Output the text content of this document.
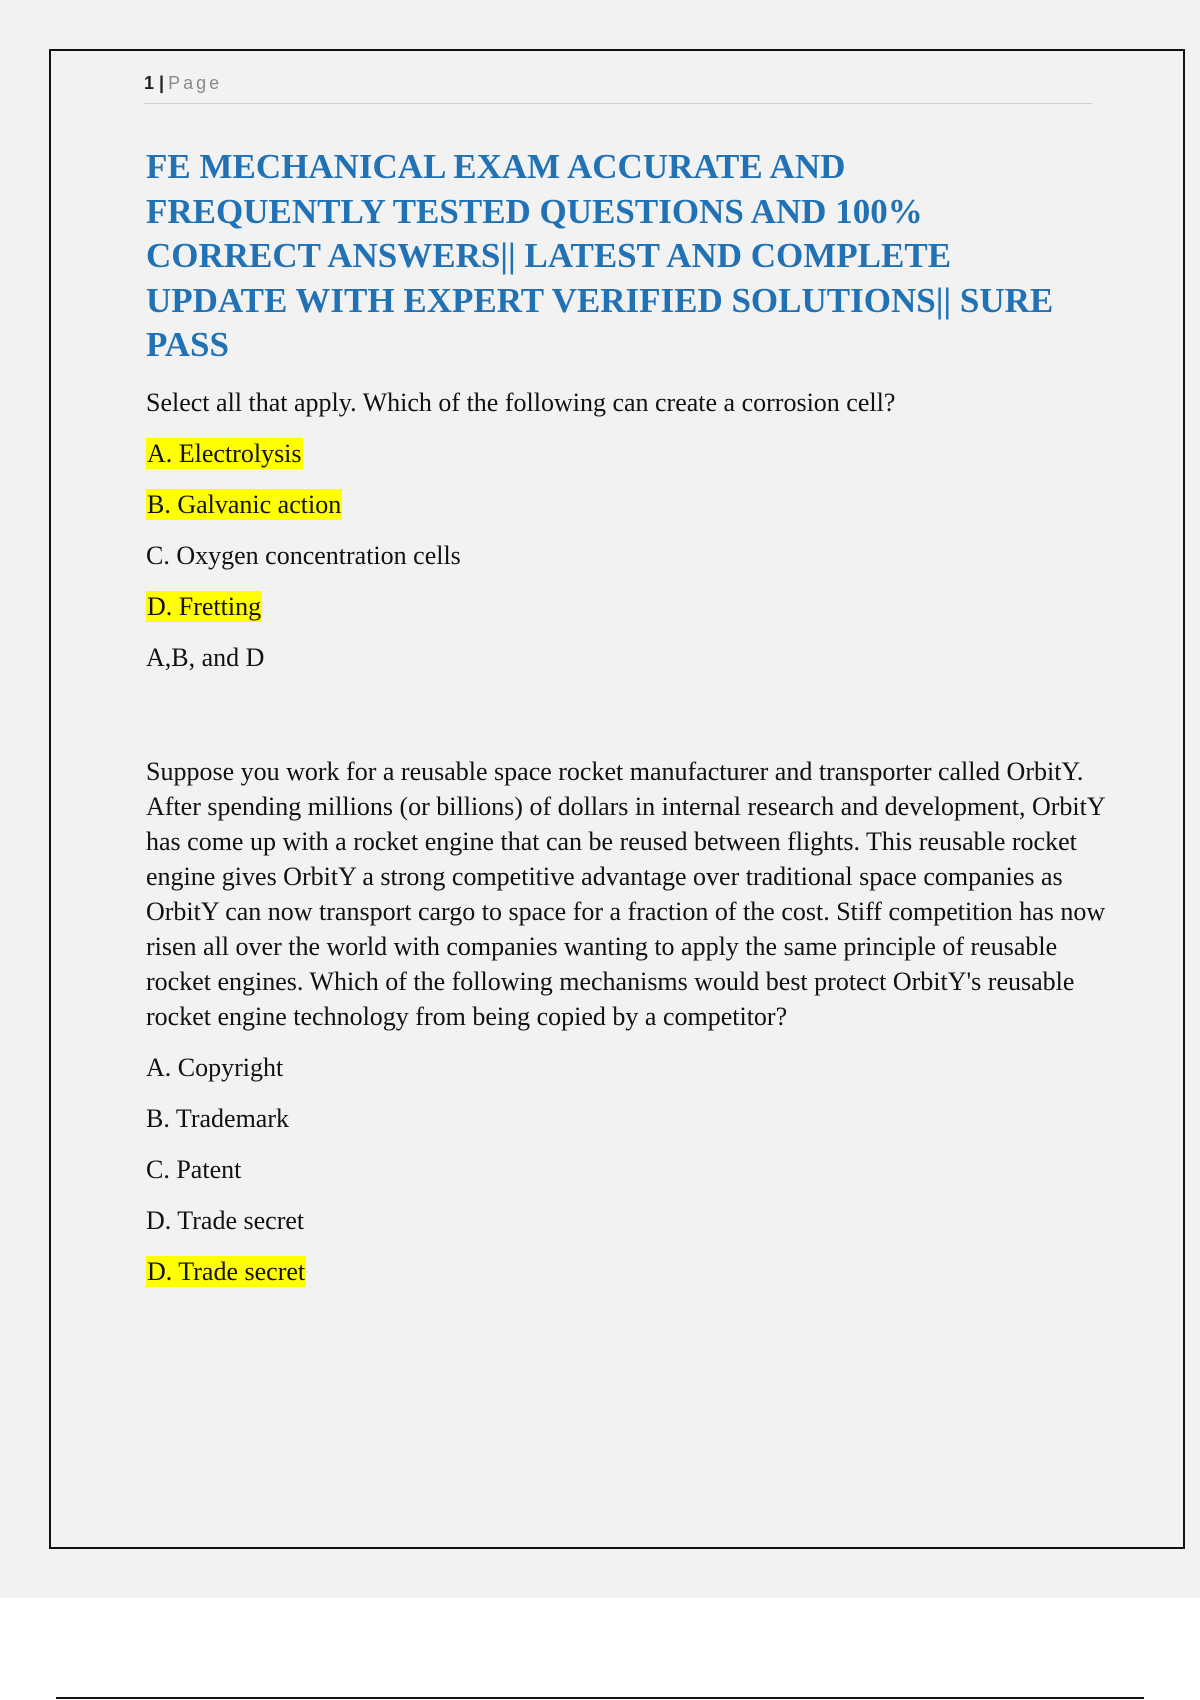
1 | Page
FE MECHANICAL EXAM ACCURATE AND FREQUENTLY TESTED QUESTIONS AND 100% CORRECT ANSWERS|| LATEST AND COMPLETE UPDATE WITH EXPERT VERIFIED SOLUTIONS|| SURE PASS

Select all that apply. Which of the following can create a corrosion cell?

A. Electrolysis

B. Galvanic action

C. Oxygen concentration cells

D. Fretting

A,B, and D

Suppose you work for a reusable space rocket manufacturer and transporter called OrbitY. After spending millions (or billions) of dollars in internal research and development, OrbitY has come up with a rocket engine that can be reused between flights. This reusable rocket engine gives OrbitY a strong competitive advantage over traditional space companies as OrbitY can now transport cargo to space for a fraction of the cost. Stiff competition has now risen all over the world with companies wanting to apply the same principle of reusable rocket engines. Which of the following mechanisms would best protect OrbitY's reusable rocket engine technology from being copied by a competitor?

A. Copyright

B. Trademark

C. Patent

D. Trade secret

D. Trade secret
